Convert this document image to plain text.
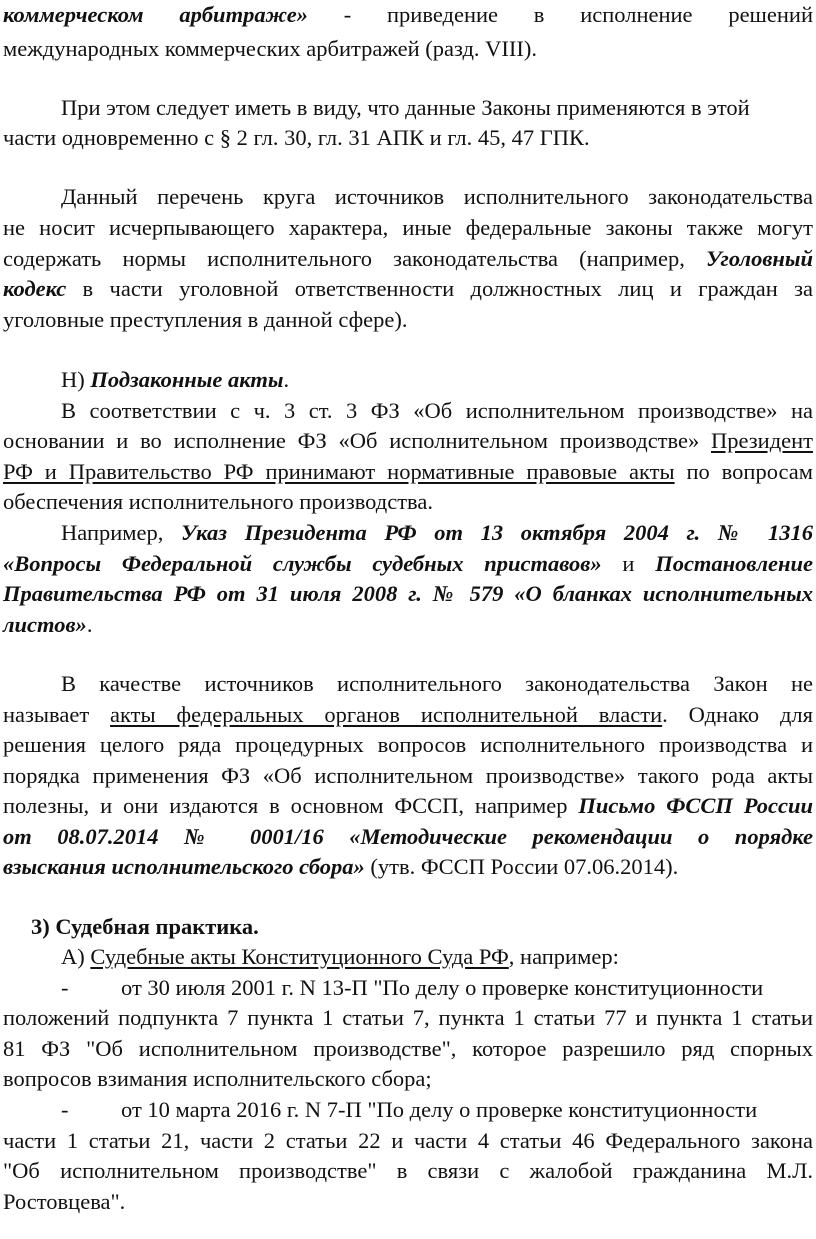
коммерческом арбитраже» - приведение в исполнение решений
международных коммерческих арбитражей (разд. VIII).
При этом следует иметь в виду, что данные Законы применяются в этой
части одновременно с § 2 гл. 30, гл. 31 АПК и гл. 45, 47 ГПК.
Данный перечень круга источников исполнительного законодательства
не носит исчерпывающего характера, иные федеральные законы также могут
содержать нормы исполнительного законодательства (например, Уголовный
кодекс в части уголовной ответственности должностных лиц и граждан за
уголовные преступления в данной сфере).
Н) Подзаконные акты.
В соответствии с ч. 3 ст. 3 ФЗ «Об исполнительном производстве» на
основании и во исполнение ФЗ «Об исполнительном производстве» Президент
РФ и Правительство РФ принимают нормативные правовые акты по вопросам
обеспечения исполнительного производства.
Например, Указ Президента РФ от 13 октября 2004 г. № 1316
«Вопросы Федеральной службы судебных приставов» и Постановление
Правительства РФ от 31 июля 2008 г. № 579 «О бланках исполнительных
листов».
В качестве источников исполнительного законодательства Закон не
называет акты федеральных органов исполнительной власти. Однако для
решения целого ряда процедурных вопросов исполнительного производства и
порядка применения ФЗ «Об исполнительном производстве» такого рода акты
полезны, и они издаются в основном ФССП, например Письмо ФССП России
от 08.07.2014 № 0001/16 «Методические рекомендации о порядке
взыскания исполнительского сбора» (утв. ФССП России 07.06.2014).
3) Судебная практика.
А) Судебные акты Конституционного Суда РФ, например:
- от 30 июля 2001 г. N 13-П "По делу о проверке конституционности
положений подпункта 7 пункта 1 статьи 7, пункта 1 статьи 77 и пункта 1 статьи
81 ФЗ "Об исполнительном производстве", которое разрешило ряд спорных
вопросов взимания исполнительского сбора;
- от 10 марта 2016 г. N 7-П "По делу о проверке конституционности
части 1 статьи 21, части 2 статьи 22 и части 4 статьи 46 Федерального закона
"Об исполнительном производстве" в связи с жалобой гражданина М.Л.
Ростовцева".
